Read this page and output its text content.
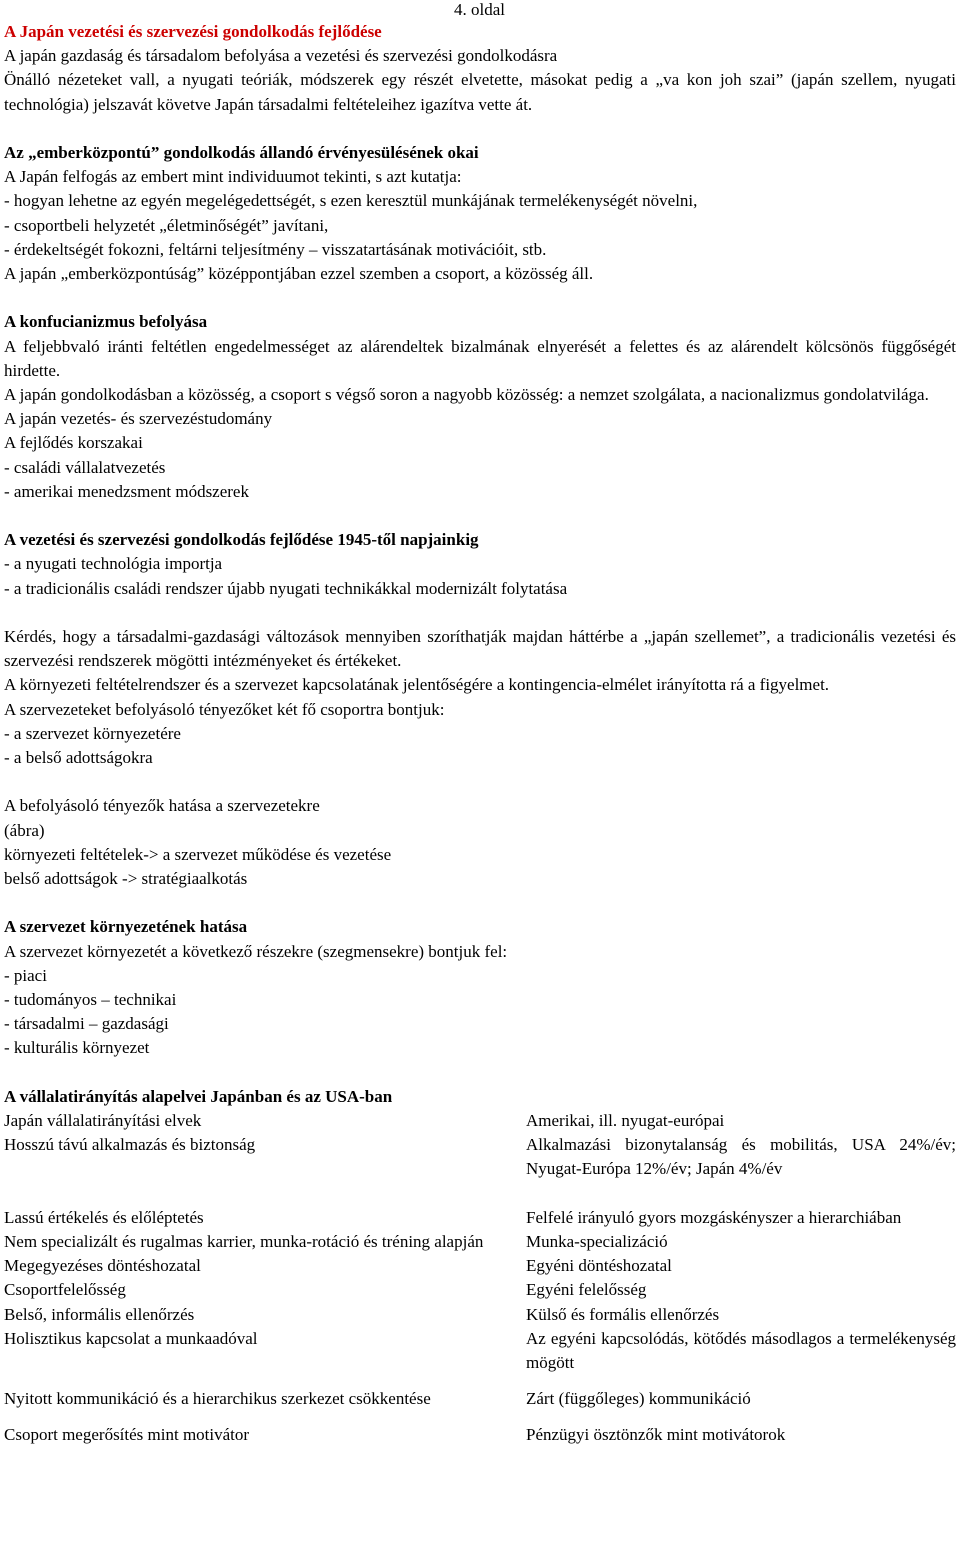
4. oldal

A Japán vezetési és szervezési gondolkodás fejlődése

A japán gazdaság és társadalom befolyása a vezetési és szervezési gondolkodásra

Önálló nézeteket vall, a nyugati teóriák, módszerek egy részét elvetette, másokat pedig a „va kon joh szai” (japán szellem, nyugati technológia) jelszavát követve Japán társadalmi feltételeihez igazítva vette át.

Az „emberközpontú” gondolkodás állandó érvényesülésének okai

A Japán felfogás az embert mint individuumot tekinti, s azt kutatja:

- hogyan lehetne az egyén megelégedettségét, s ezen keresztül munkájának termelékenységét növelni,

- csoportbeli helyzetét „életminőségét” javítani,

- érdekeltségét fokozni, feltárni teljesítmény – visszatartásának motivációit, stb.

A japán „emberközpontúság” középpontjában ezzel szemben a csoport, a közösség áll.

A konfucianizmus befolyása

A feljebbvaló iránti feltétlen engedelmességet az alárendeltek bizalmának elnyerését a felettes és az alárendelt kölcsönös függőségét hirdette.

A japán gondolkodásban a közösség, a csoport s végső soron a nagyobb közösség: a nemzet szolgálata, a nacionalizmus gondolatvilága.

A japán vezetés- és szervezéstudomány

A fejlődés korszakai

- családi vállalatvezetés

- amerikai menedzsment módszerek

A vezetési és szervezési gondolkodás fejlődése 1945-től napjainkig

- a nyugati technológia importja

- a tradicionális családi rendszer újabb nyugati technikákkal modernizált folytatása

Kérdés, hogy a társadalmi-gazdasági változások mennyiben szoríthatják majdan háttérbe a „japán szellemet”, a tradicionális vezetési és szervezési rendszerek mögötti intézményeket és értékeket.

A környezeti feltételrendszer és a szervezet kapcsolatának jelentőségére a kontingencia-elmélet irányította rá a figyelmet.

A szervezeteket befolyásoló tényezőket két fő csoportra bontjuk:

- a szervezet környezetére

- a belső adottságokra

A befolyásoló tényezők hatása a szervezetekre

(ábra)

környezeti feltételek-> a szervezet működése és vezetése

belső adottságok -> stratégiaalkotás

A szervezet környezetének hatása

A szervezet környezetét a következő részekre (szegmensekre) bontjuk fel:

- piaci

- tudományos – technikai

- társadalmi – gazdasági

- kulturális környezet

A vállalatirányítás alapelvei Japánban és az USA-ban

Japán vállalatirányítási elvek	Amerikai, ill. nyugat-európai
Hosszú távú alkalmazás és biztonság	Alkalmazási bizonytalanság és mobilitás, USA 24%/év; Nyugat-Európa 12%/év; Japán 4%/év
Lassú értékelés és előléptetés	Felfelé irányuló gyors mozgáskényszer a hierarchiában
Nem specializált és rugalmas karrier, munka-rotáció és tréning alapján	Munka-specializáció
Megegyezéses döntéshozatal	Egyéni döntéshozatal
Csoportfelelősség	Egyéni felelősség
Belső, informális ellenőrzés	Külső és formális ellenőrzés
Holisztikus kapcsolat a munkaadóval	Az egyéni kapcsolódás, kötődés másodlagos a termelékenység mögött
Nyitott kommunikáció és a hierarchikus szerkezet csökkentése	Zárt (függőleges) kommunikáció
Csoport megerősítés mint motivátor	Pénzügyi ösztönzők mint motivátorok
